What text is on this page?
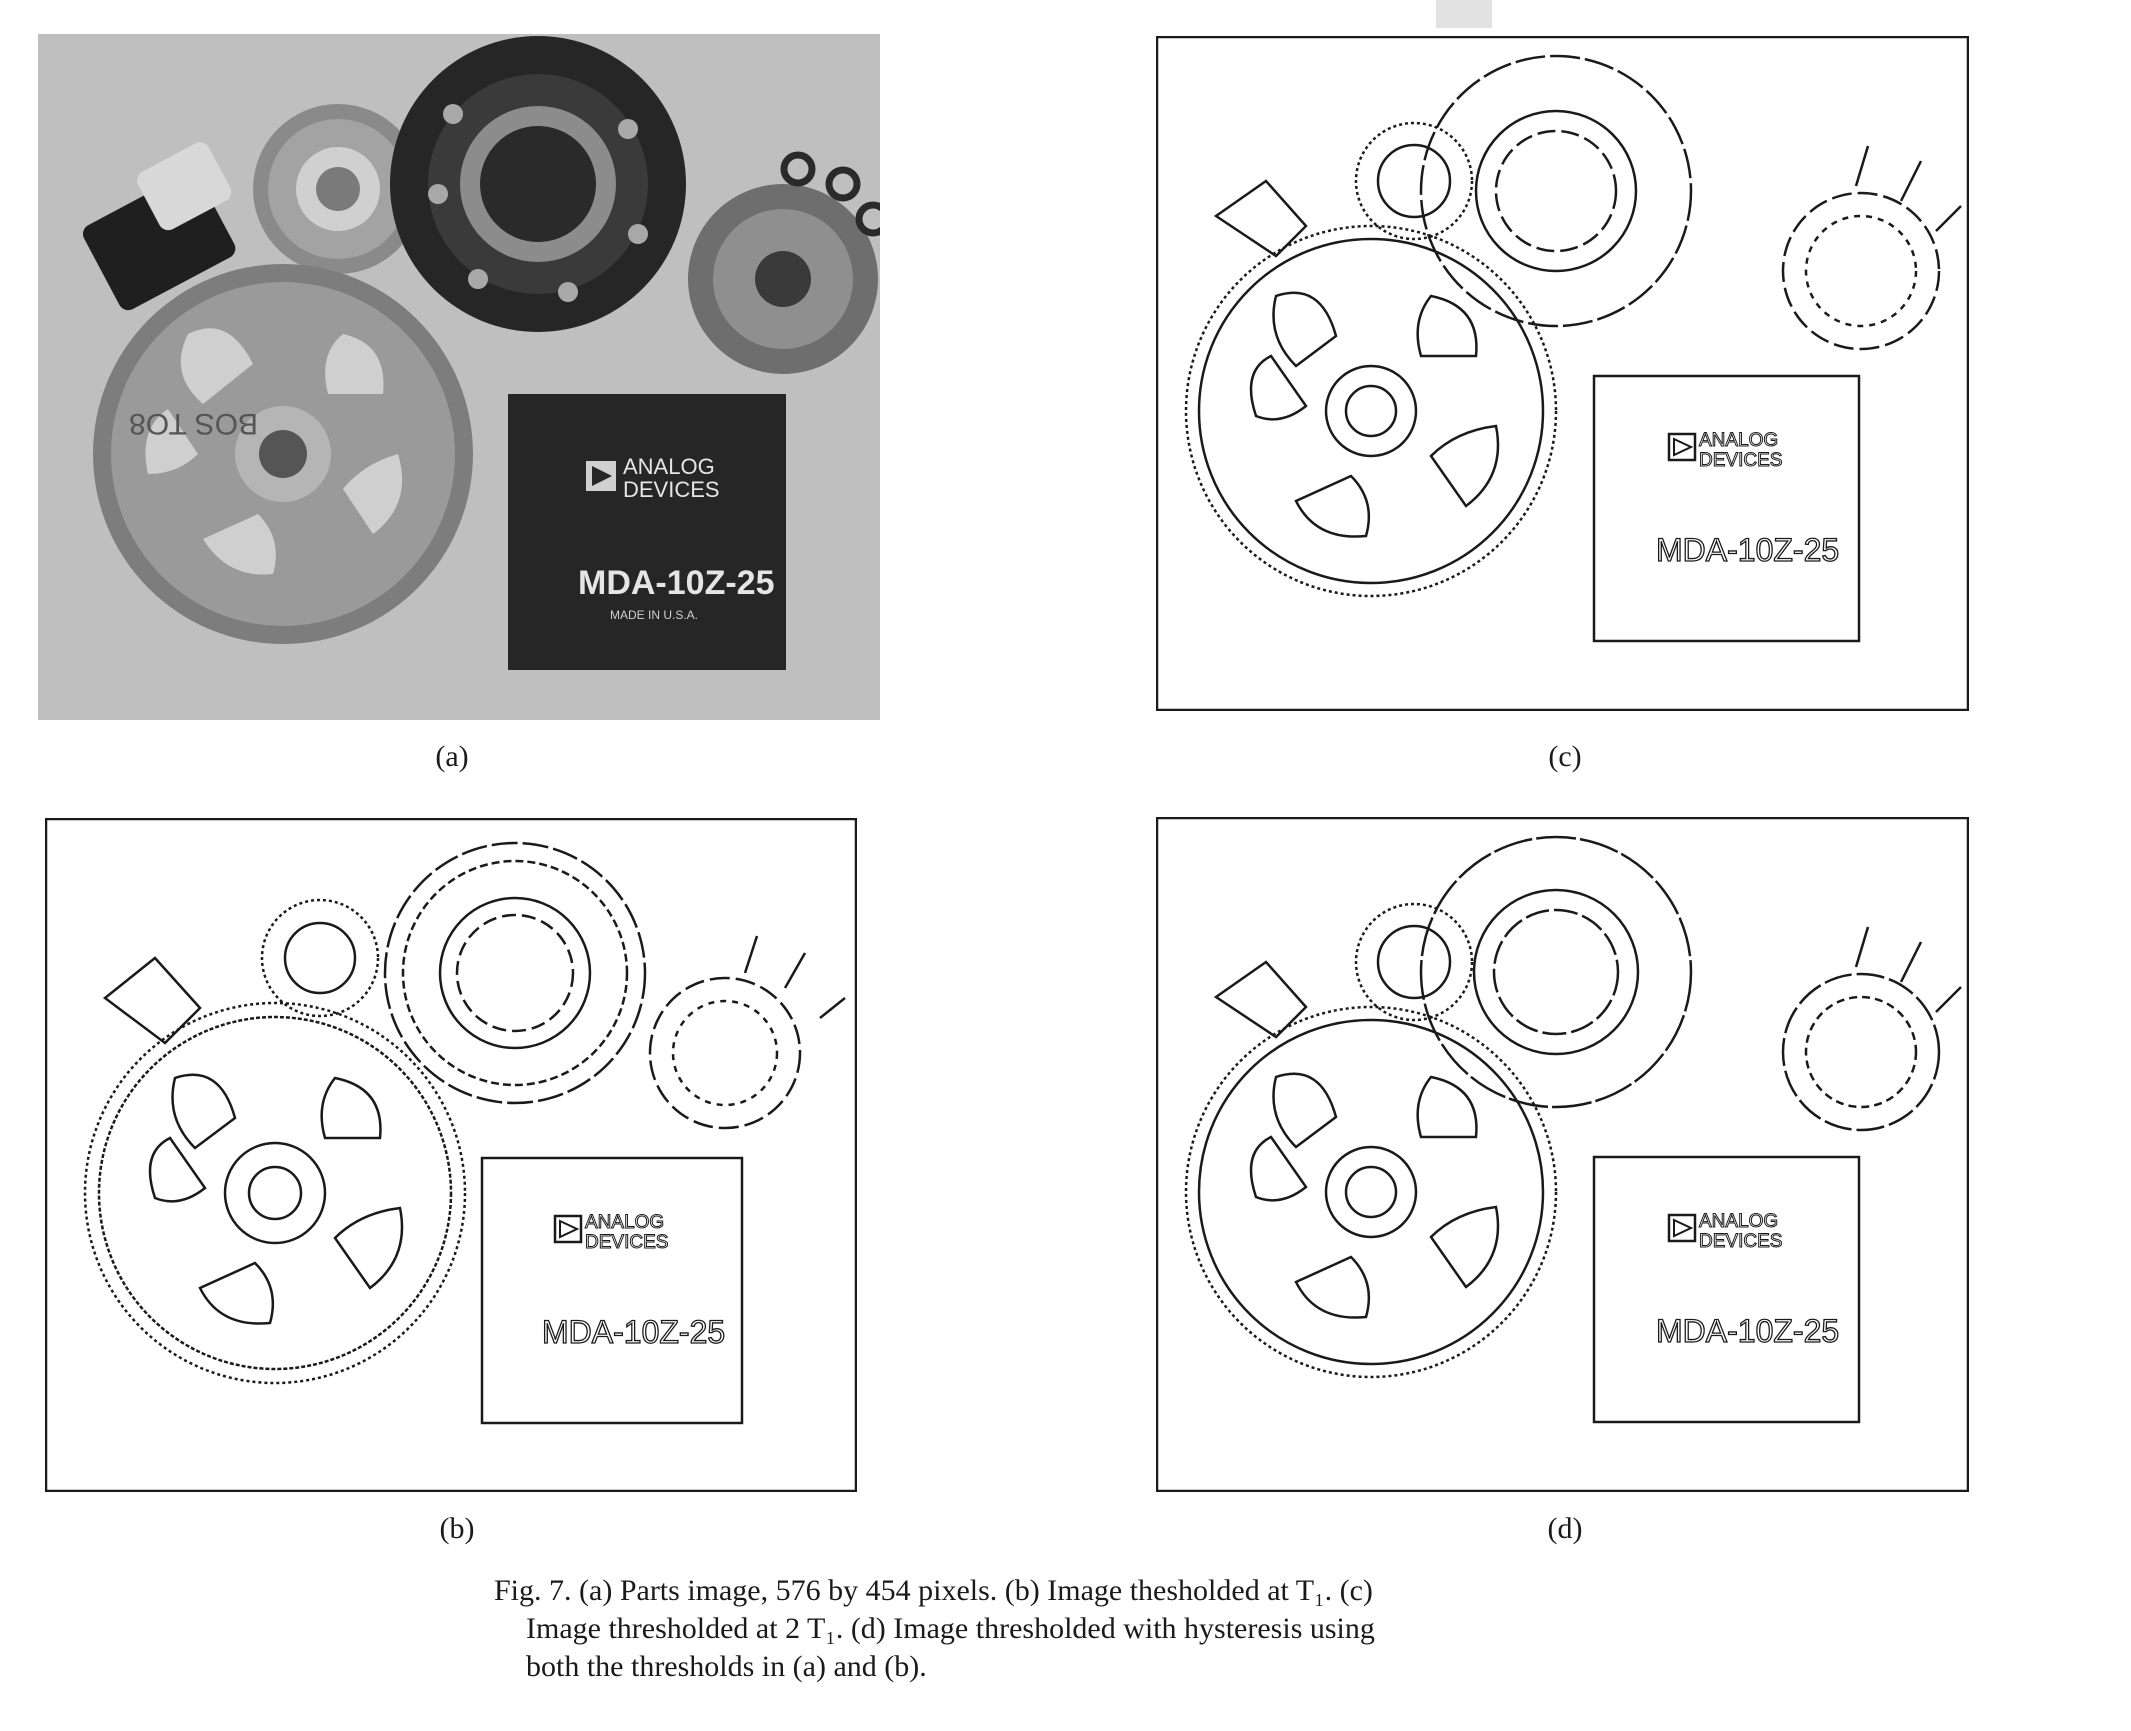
BOS TO8
ANALOG
DEVICES
MDA-10Z-25
MADE IN U.S.A.
(a)
ANALOG
DEVICES
MDA-10Z-25
(c)
ANALOG
DEVICES
MDA-10Z-25
(b)
ANALOG
DEVICES
MDA-10Z-25
(d)

Fig. 7. (a) Parts image, 576 by 454 pixels. (b) Image thesholded at T₁. (c)

Image thresholded at 2 T₁. (d) Image thresholded with hysteresis using

both the thresholds in (a) and (b).
